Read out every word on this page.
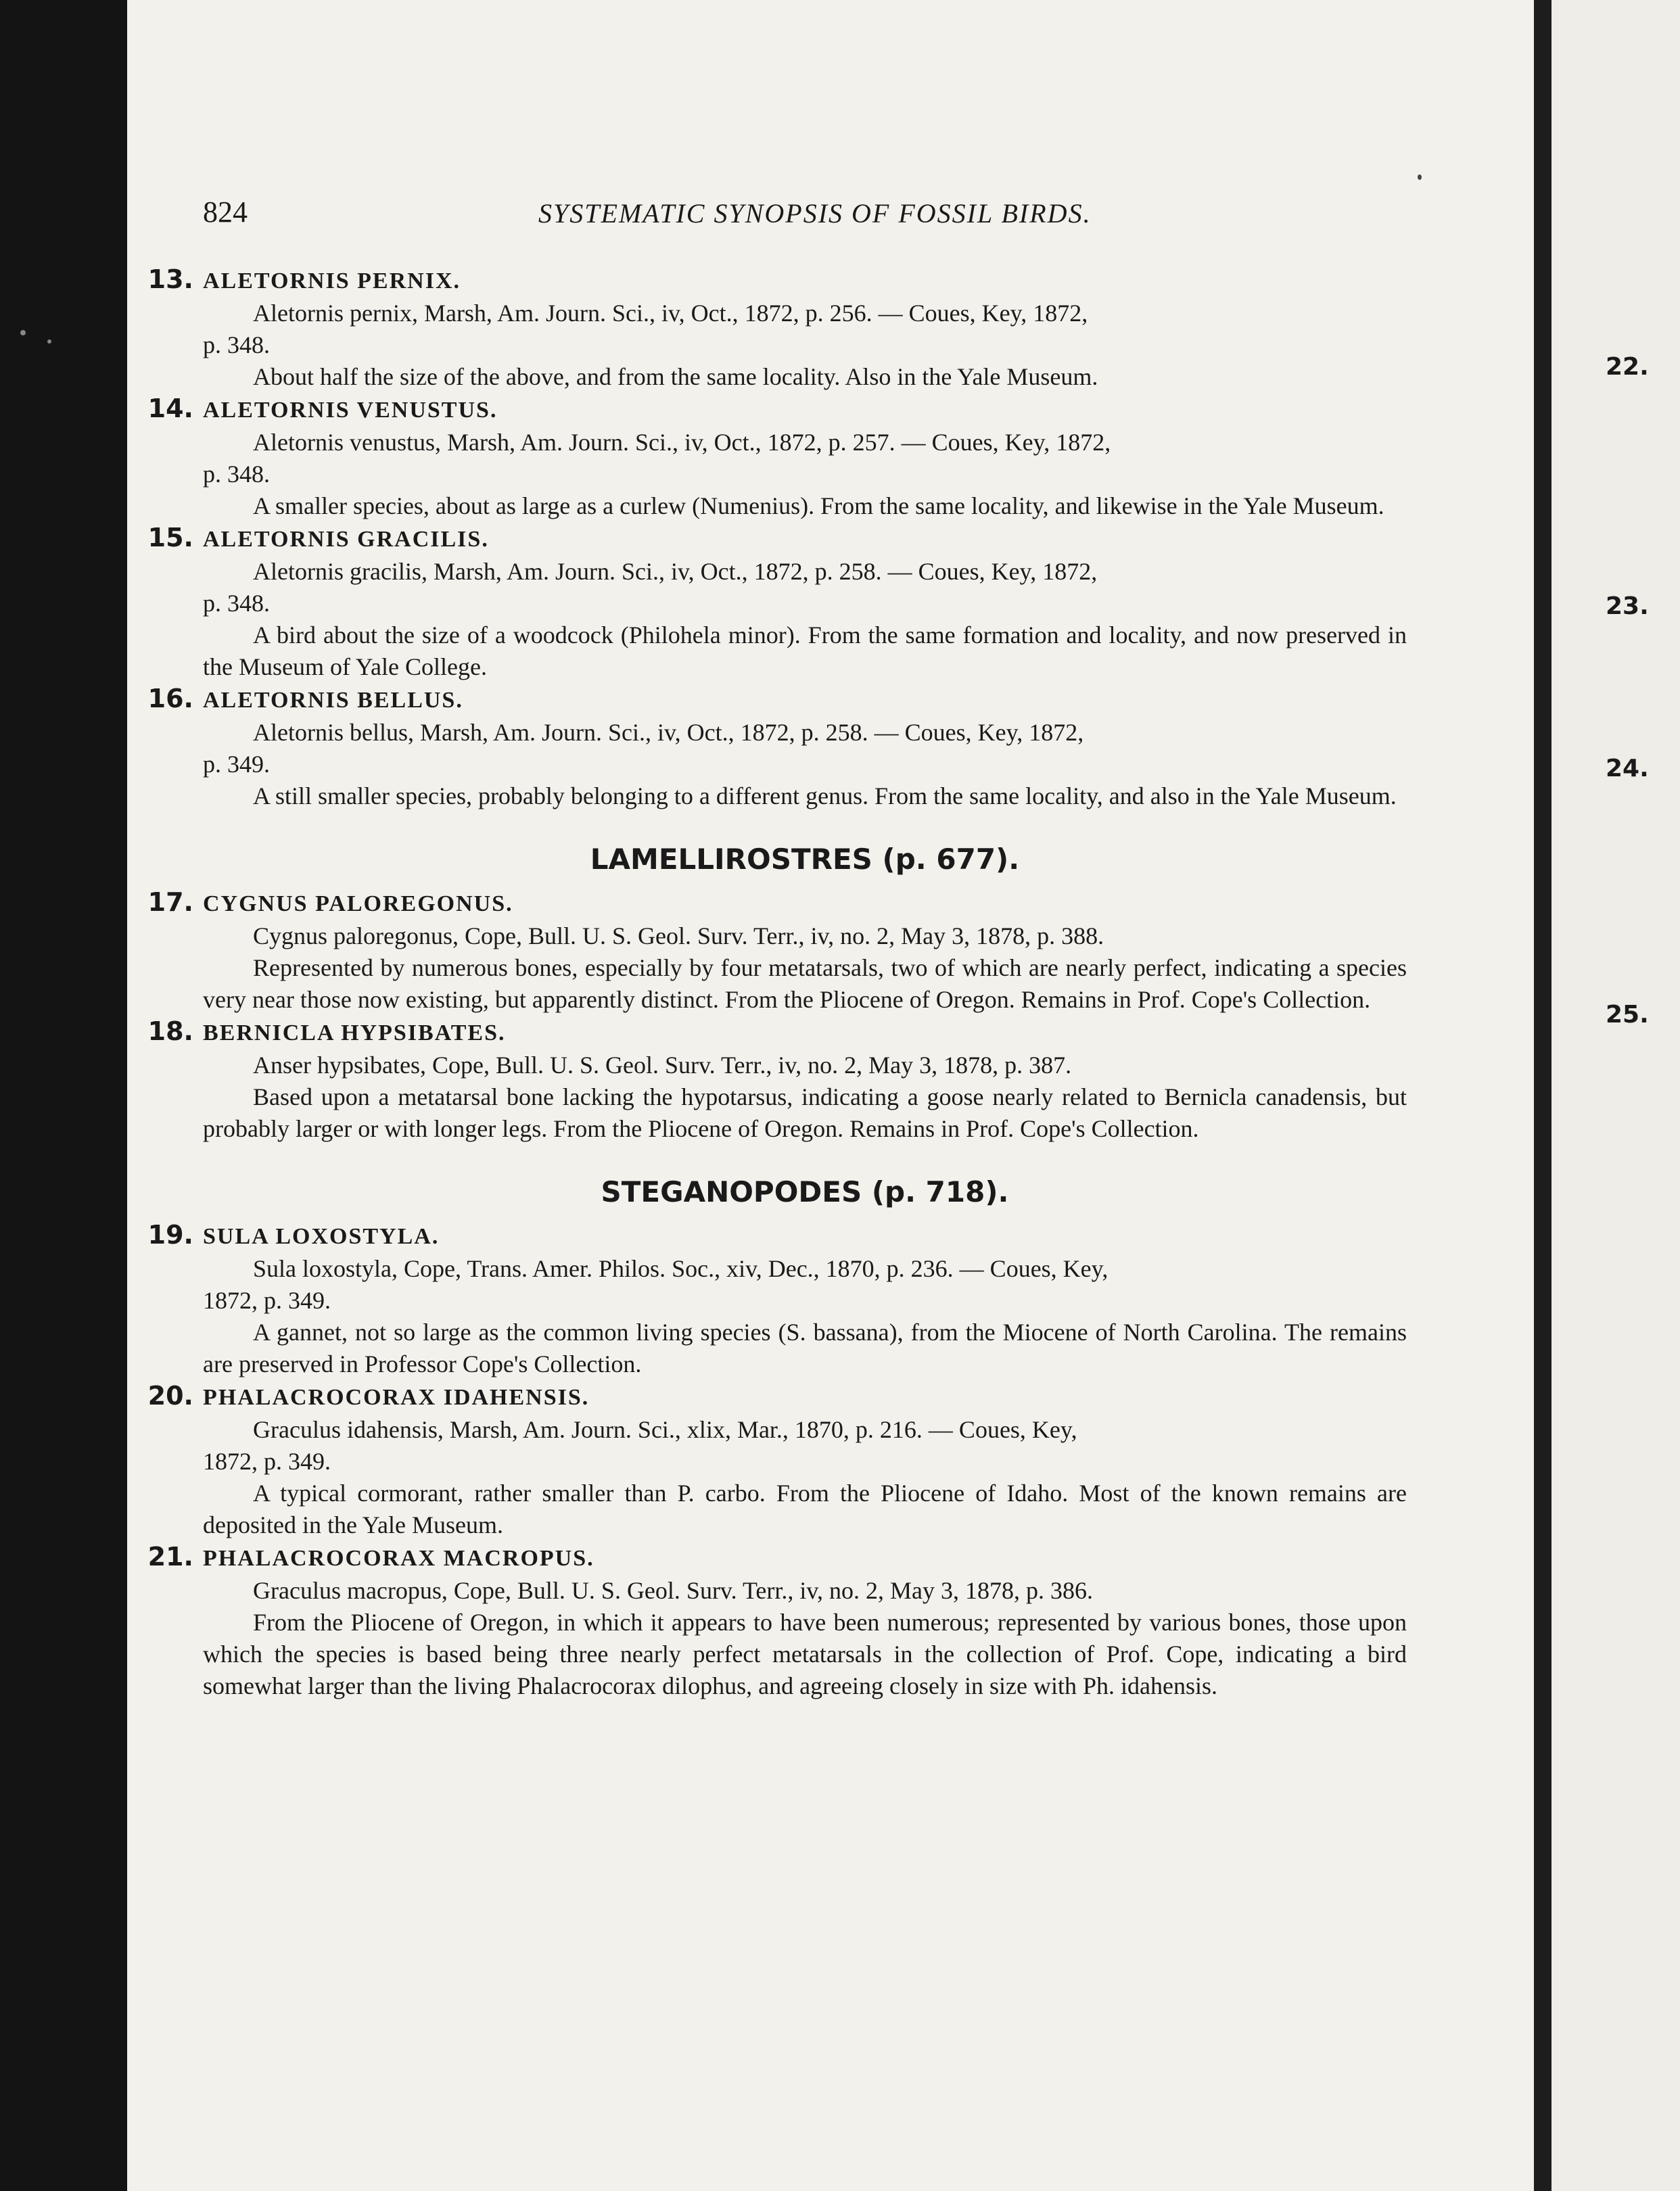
22.
23.
24.
25.
824	SYSTEMATIC SYNOPSIS OF FOSSIL BIRDS.
13. ALETORNIS PERNIX.

Aletornis pernix, Marsh, Am. Journ. Sci., iv, Oct., 1872, p. 256. — Coues, Key, 1872,

p. 348.

About half the size of the above, and from the same locality. Also in the Yale Museum.

14. ALETORNIS VENUSTUS.

Aletornis venustus, Marsh, Am. Journ. Sci., iv, Oct., 1872, p. 257. — Coues, Key, 1872,

p. 348.

A smaller species, about as large as a curlew (Numenius). From the same locality, and likewise in the Yale Museum.

15. ALETORNIS GRACILIS.

Aletornis gracilis, Marsh, Am. Journ. Sci., iv, Oct., 1872, p. 258. — Coues, Key, 1872,

p. 348.

A bird about the size of a woodcock (Philohela minor). From the same formation and locality, and now preserved in the Museum of Yale College.

16. ALETORNIS BELLUS.

Aletornis bellus, Marsh, Am. Journ. Sci., iv, Oct., 1872, p. 258. — Coues, Key, 1872,

p. 349.

A still smaller species, probably belonging to a different genus. From the same locality, and also in the Yale Museum.

LAMELLIROSTRES (p. 677).
17. CYGNUS PALOREGONUS.

Cygnus paloregonus, Cope, Bull. U. S. Geol. Surv. Terr., iv, no. 2, May 3, 1878, p. 388.

Represented by numerous bones, especially by four metatarsals, two of which are nearly perfect, indicating a species very near those now existing, but apparently distinct. From the Pliocene of Oregon. Remains in Prof. Cope's Collection.

18. BERNICLA HYPSIBATES.

Anser hypsibates, Cope, Bull. U. S. Geol. Surv. Terr., iv, no. 2, May 3, 1878, p. 387.

Based upon a metatarsal bone lacking the hypotarsus, indicating a goose nearly related to Bernicla canadensis, but probably larger or with longer legs. From the Pliocene of Oregon. Remains in Prof. Cope's Collection.

STEGANOPODES (p. 718).
19. SULA LOXOSTYLA.

Sula loxostyla, Cope, Trans. Amer. Philos. Soc., xiv, Dec., 1870, p. 236. — Coues, Key,

1872, p. 349.

A gannet, not so large as the common living species (S. bassana), from the Miocene of North Carolina. The remains are preserved in Professor Cope's Collection.

20. PHALACROCORAX IDAHENSIS.

Graculus idahensis, Marsh, Am. Journ. Sci., xlix, Mar., 1870, p. 216. — Coues, Key,

1872, p. 349.

A typical cormorant, rather smaller than P. carbo. From the Pliocene of Idaho. Most of the known remains are deposited in the Yale Museum.

21. PHALACROCORAX MACROPUS.

Graculus macropus, Cope, Bull. U. S. Geol. Surv. Terr., iv, no. 2, May 3, 1878, p. 386.

From the Pliocene of Oregon, in which it appears to have been numerous; represented by various bones, those upon which the species is based being three nearly perfect metatarsals in the collection of Prof. Cope, indicating a bird somewhat larger than the living Phalacrocorax dilophus, and agreeing closely in size with Ph. idahensis.
